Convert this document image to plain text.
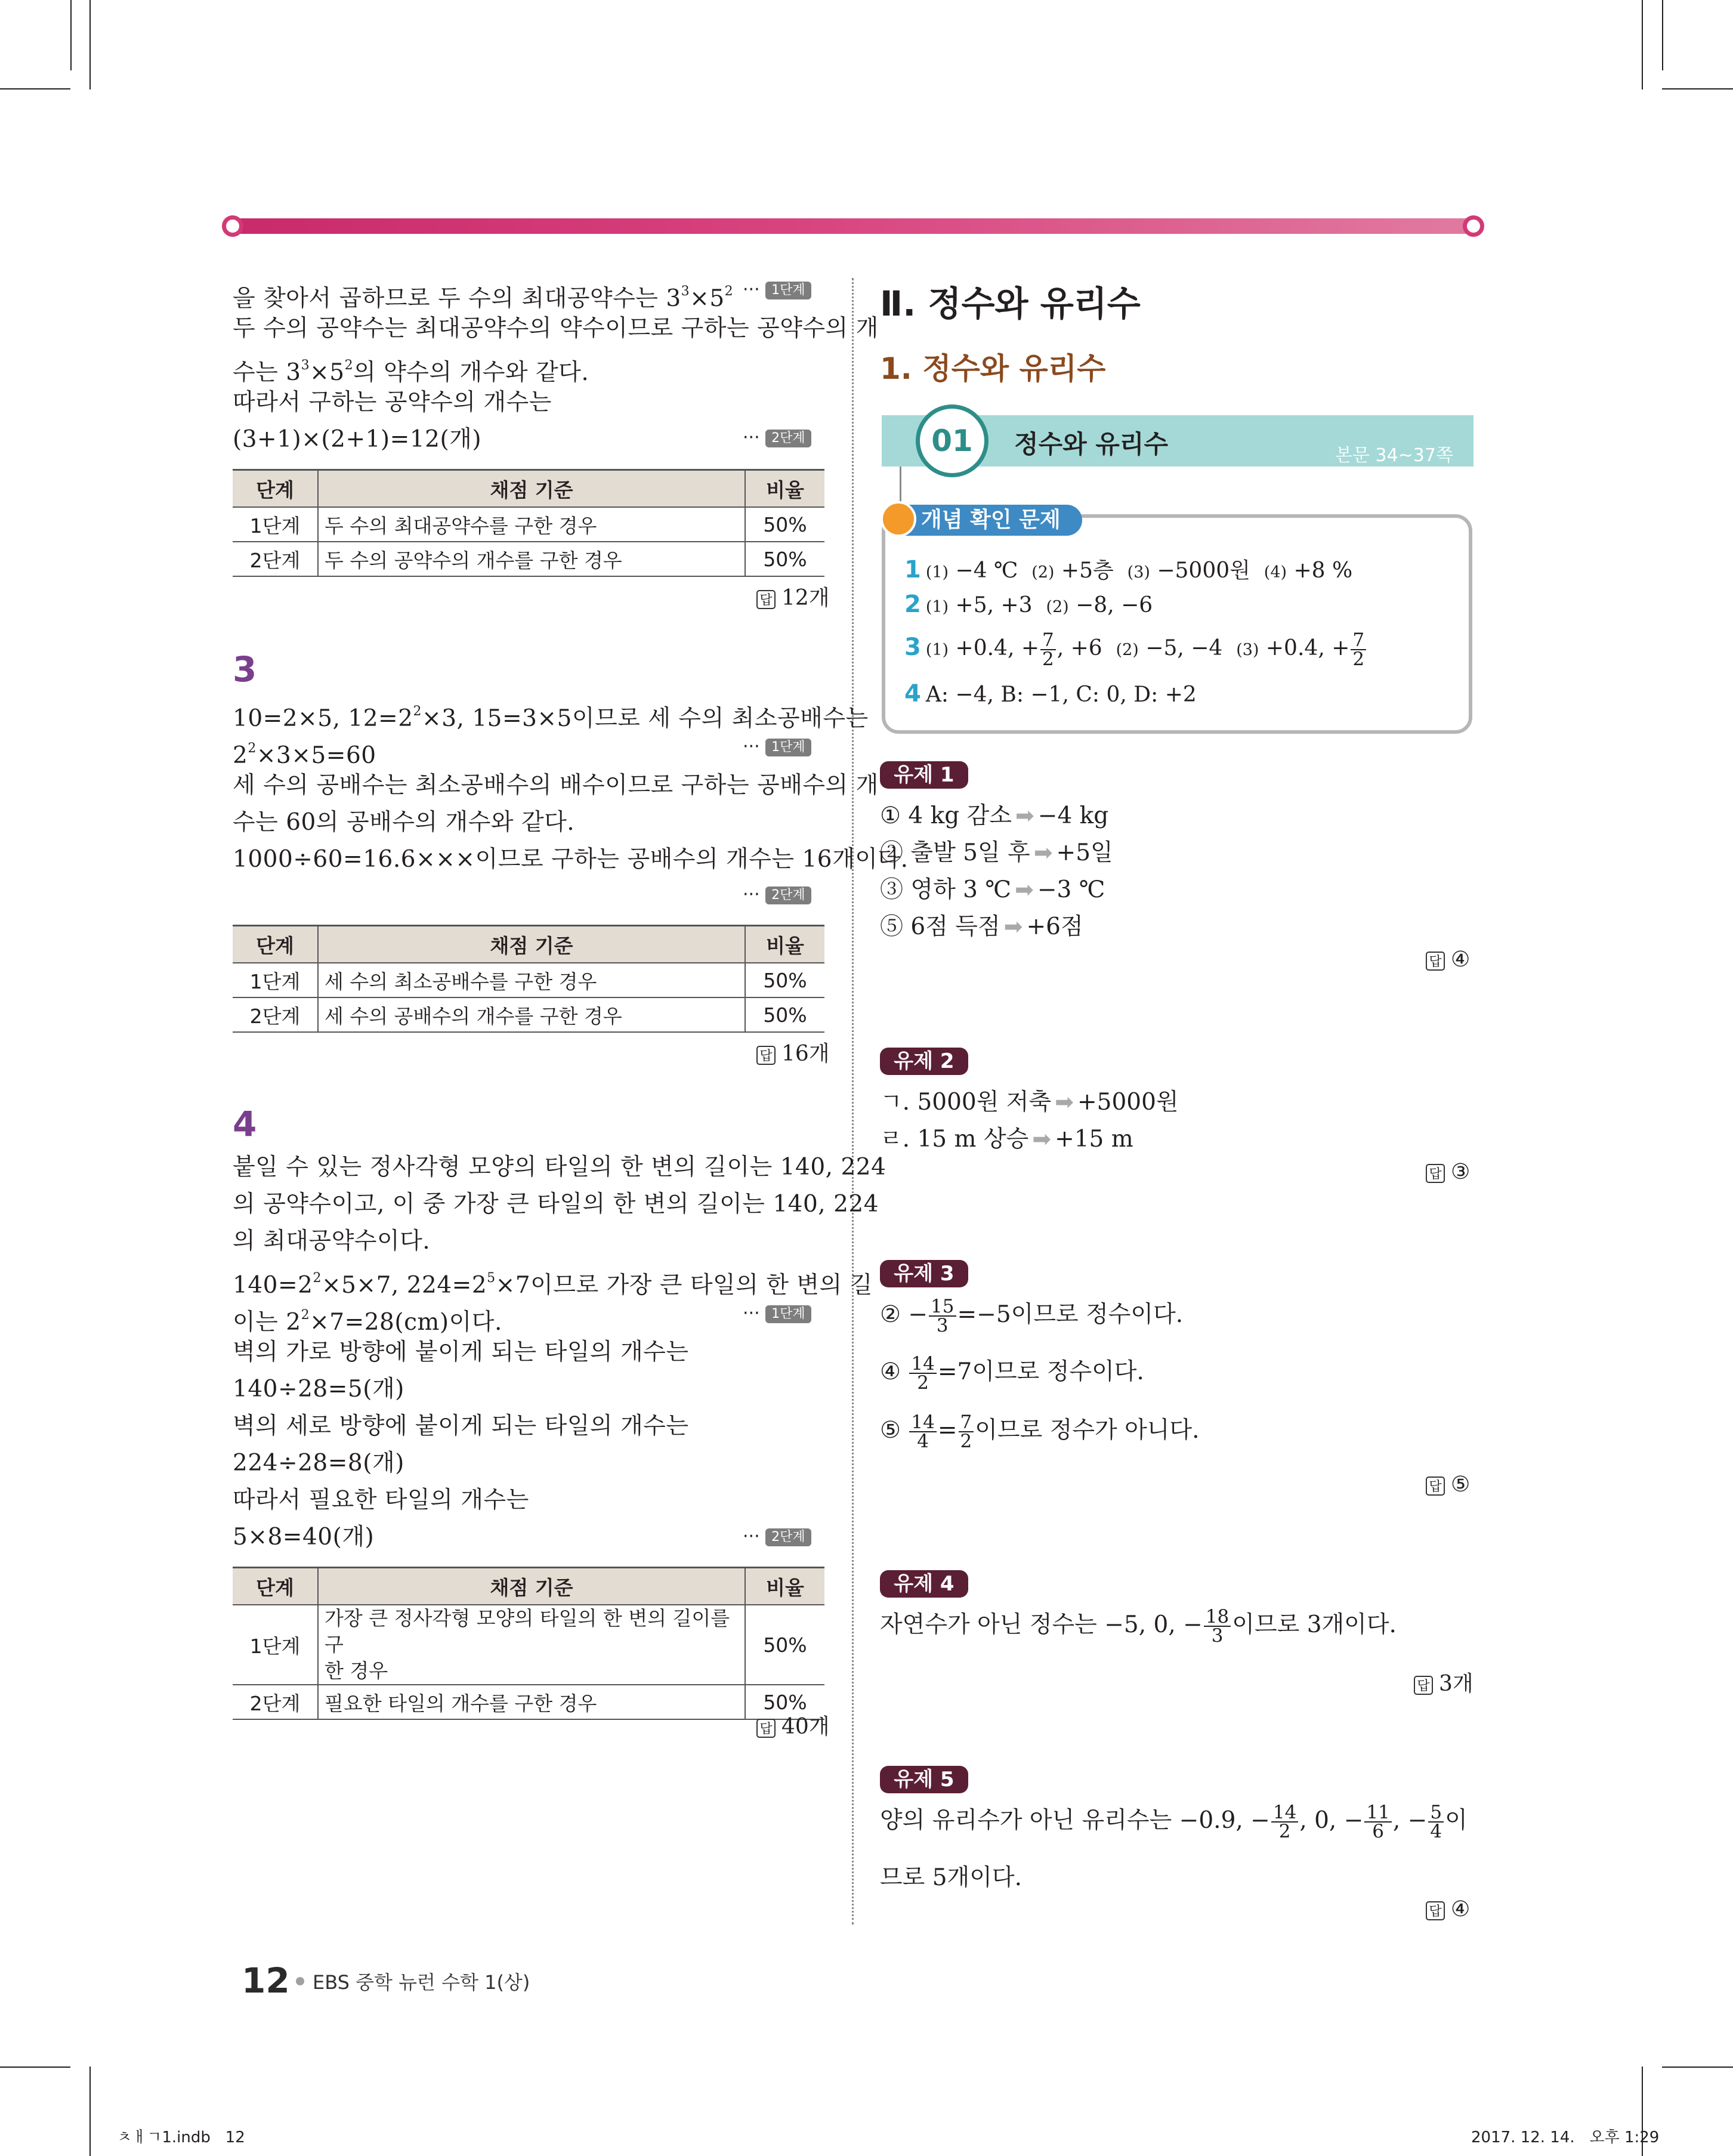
을 찾아서 곱하므로 두 수의 최대공약수는 $3^3\times 5^2$ ··· 1단계
두 수의 공약수는 최대공약수의 약수이므로 구하는 공약수의 개
수는 $3^3\times 5^2$의 약수의 개수와 같다.
따라서 구하는 공약수의 개수는
(3+1)×(2+1)=12(개)	··· 2단계
단계	채점 기준	비율
1단계	두 수의 최대공약수를 구한 경우	50%
2단계	두 수의 공약수의 개수를 구한 경우	50%
답 12개
3
10=2×5, $12=2^2\times 3$, 15=3×5이므로 세 수의 최소공배수는
$2^2\times 3\times 5=60$	··· 1단계
세 수의 공배수는 최소공배수의 배수이므로 구하는 공배수의 개
수는 60의 공배수의 개수와 같다.
1000÷60=16.6×××이므로 구하는 공배수의 개수는 16개이다.
··· 2단계
단계	채점 기준	비율
1단계	세 수의 최소공배수를 구한 경우	50%
2단계	세 수의 공배수의 개수를 구한 경우	50%
답 16개
4
붙일 수 있는 정사각형 모양의 타일의 한 변의 길이는 140, 224
의 공약수이고, 이 중 가장 큰 타일의 한 변의 길이는 140, 224
의 최대공약수이다.
$140=2^2\times 5\times 7$, $224=2^5\times 7$이므로 가장 큰 타일의 한 변의 길
이는 $2^2\times 7=28(cm)$이다.	··· 1단계
벽의 가로 방향에 붙이게 되는 타일의 개수는
140÷28=5(개)
벽의 세로 방향에 붙이게 되는 타일의 개수는
224÷28=8(개)
따라서 필요한 타일의 개수는
5×8=40(개)	··· 2단계
단계	채점 기준	비율
1단계	가장 큰 정사각형 모양의 타일의 한 변의 길이를 구
한 경우	50%
2단계	필요한 타일의 개수를 구한 경우	50%
답 40개
Ⅱ. 정수와 유리수
1. 정수와 유리수
01	정수와 유리수	본문 34~37쪽
개념 확인 문제
1 (1) −4 ℃  (2) +5층  (3) −5000원  (4) +8 %
2 (1) +5, +3  (2) −8, −6
3 (1) +0.4, + $\frac{7}{2}$ , +6  (2) −5, −4  (3) +0.4, + $\frac{7}{2}$
4 A: −4, B: −1, C: 0, D: +2
유제 1
① 4 kg 감소 ➡ −4 kg
② 출발 5일 후 ➡ +5일
③ 영하 3 ℃ ➡ −3 ℃
⑤ 6점 득점 ➡ +6점
답 ④
유제 2
ㄱ. 5000원 저축 ➡ +5000원
ㄹ. 15 m 상승 ➡ +15 m
답 ③
유제 3
② − $\frac{15}{3} =-5$이므로 정수이다.
④ $\frac{14}{2} =7$이므로 정수이다.
⑤ $\frac{14}{4} = \frac{7}{2}$ 이므로 정수가 아니다.
답 ⑤
유제 4
자연수가 아닌 정수는 −5, 0, − $\frac{18}{3}$ 이므로 3개이다.
답 3개
유제 5
양의 유리수가 아닌 유리수는 −0.9, − $\frac{14}{2}$ , 0, − $\frac{11}{6}$ , − $\frac{5}{4}$ 이
므로 5개이다.
답 ④
12 EBS 중학 뉴런 수학 1(상)
ㅊㅐㄱ1.indb   12	2017. 12. 14.   오후 1:29
